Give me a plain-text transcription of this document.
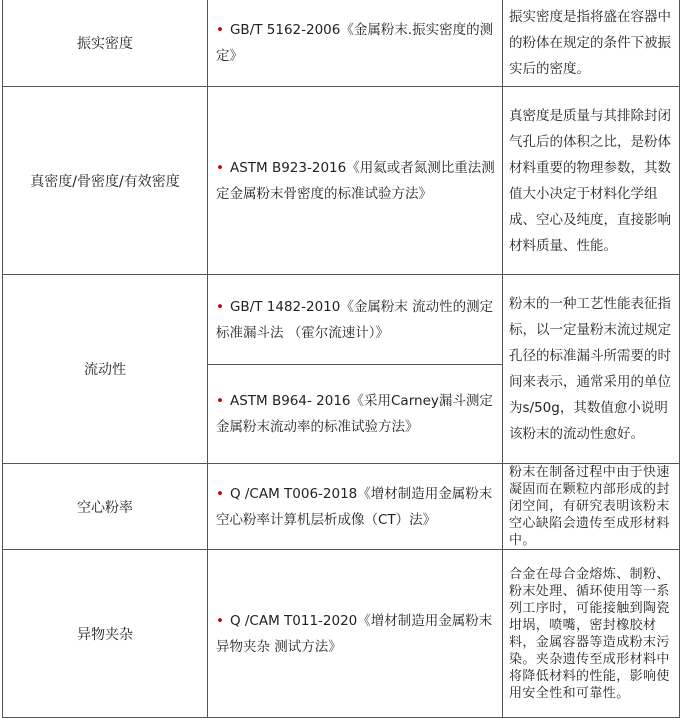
振实密度	• GB/T 5162-2006《金属粉末.振实密度的测定》	振实密度是指将盛在容器中的粉体在规定的条件下被振实后的密度。
真密度/骨密度/有效密度	• ASTM B923-2016《用氦或者氮测比重法测定金属粉末骨密度的标准试验方法》	真密度是质量与其排除封闭气孔后的体积之比，是粉体材料重要的物理参数，其数值大小决定于材料化学组成、空心及纯度，直接影响材料质量、性能。
流动性	• GB/T 1482-2010《金属粉末 流动性的测定 标准漏斗法 （霍尔流速计）》	粉末的一种工艺性能表征指标，以一定量粉末流过规定孔径的标准漏斗所需要的时间来表示，通常采用的单位为s/50g，其数值愈小说明该粉末的流动性愈好。
	• ASTM B964- 2016《采用Carney漏斗测定金属粉末流动率的标准试验方法》	
空心粉率	• Q /CAM T006-2018《增材制造用金属粉末空心粉率计算机层析成像（CT）法》	粉末在制备过程中由于快速凝固而在颗粒内部形成的封闭空间，有研究表明该粉末空心缺陷会遗传至成形材料中。
异物夹杂	• Q /CAM T011-2020《增材制造用金属粉末异物夹杂 测试方法》	合金在母合金熔炼、制粉、粉末处理、循环使用等一系列工序时，可能接触到陶瓷坩埚，喷嘴，密封橡胶材料，金属容器等造成粉末污染。夹杂遗传至成形材料中将降低材料的性能，影响使用安全性和可靠性。
